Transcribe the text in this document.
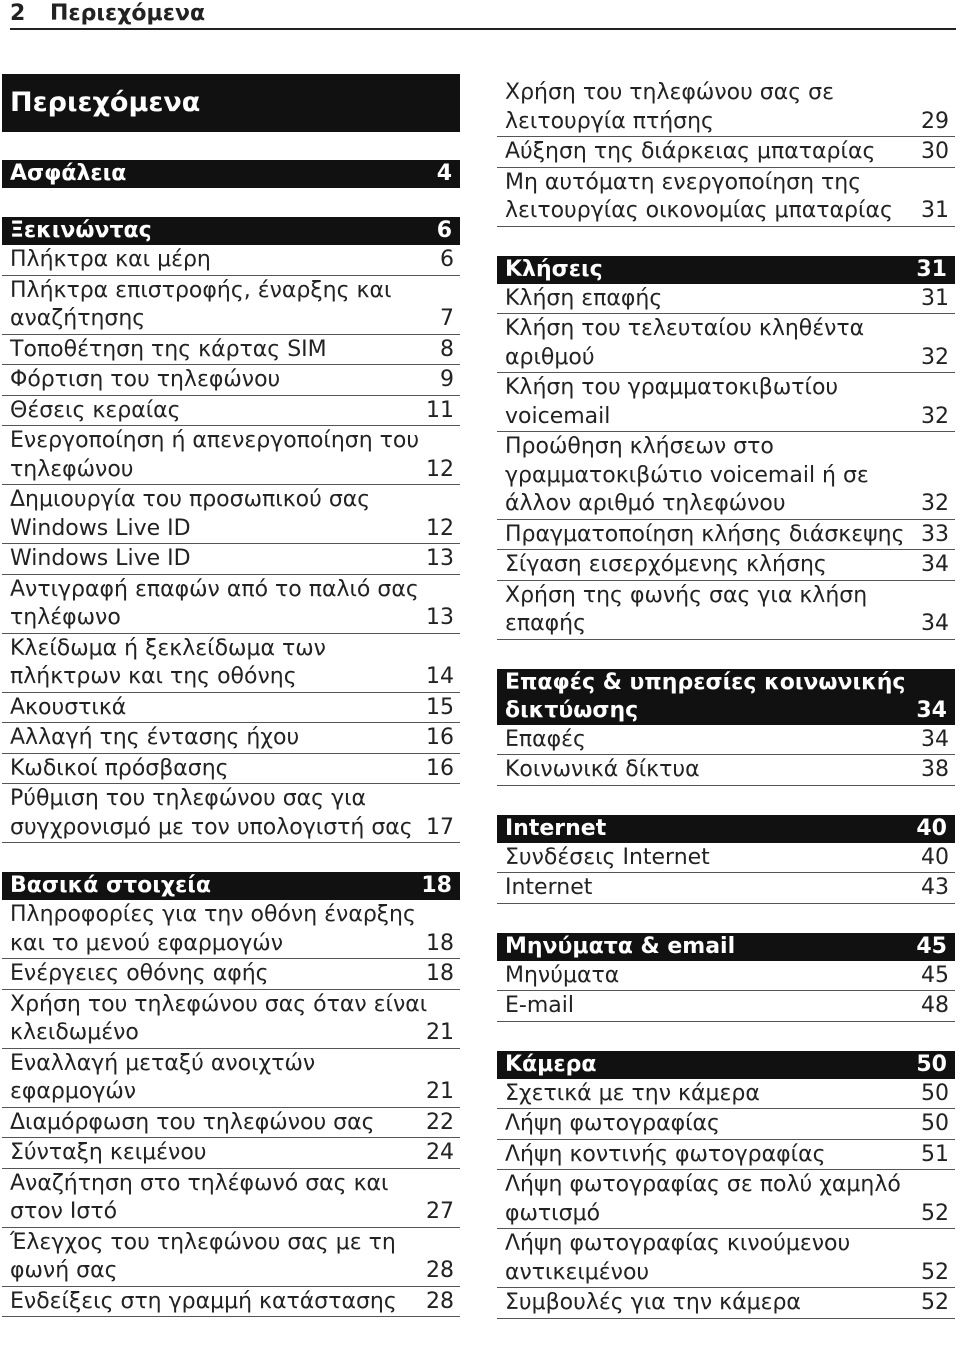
2 Περιεχόμενα
Περιεχόμενα
Ασφάλεια	4
Ξεκινώντας	6
Πλήκτρα και μέρη	6
Πλήκτρα επιστροφής, έναρξης και
αναζήτησης	7
Τοποθέτηση της κάρτας SIM	8
Φόρτιση του τηλεφώνου	9
Θέσεις κεραίας	11
Ενεργοποίηση ή απενεργοποίηση του
τηλεφώνου	12
Δημιουργία του προσωπικού σας
Windows Live ID	12
Windows Live ID	13
Αντιγραφή επαφών από το παλιό σας
τηλέφωνο	13
Κλείδωμα ή ξεκλείδωμα των
πλήκτρων και της οθόνης	14
Ακουστικά	15
Αλλαγή της έντασης ήχου	16
Κωδικοί πρόσβασης	16
Ρύθμιση του τηλεφώνου σας για
συγχρονισμό με τον υπολογιστή σας 17
Βασικά στοιχεία	18
Πληροφορίες για την οθόνη έναρξης
και το μενού εφαρμογών	18
Ενέργειες οθόνης αφής	18
Χρήση του τηλεφώνου σας όταν είναι
κλειδωμένο	21
Εναλλαγή μεταξύ ανοιχτών
εφαρμογών	21
Διαμόρφωση του τηλεφώνου σας 22
Σύνταξη κειμένου	24
Αναζήτηση στο τηλέφωνό σας και
στον Ιστό	27
Έλεγχος του τηλεφώνου σας με τη
φωνή σας	28
Ενδείξεις στη γραμμή κατάστασης 28
Χρήση του τηλεφώνου σας σε
λειτουργία πτήσης	29
Αύξηση της διάρκειας μπαταρίας 30
Μη αυτόματη ενεργοποίηση της
λειτουργίας οικονομίας μπαταρίας 31
Κλήσεις	31
Κλήση επαφής	31
Κλήση του τελευταίου κληθέντα
αριθμού	32
Κλήση του γραμματοκιβωτίου
voicemail	32
Προώθηση κλήσεων στο
γραμματοκιβώτιο voicemail ή σε
άλλον αριθμό τηλεφώνου	32
Πραγματοποίηση κλήσης διάσκεψης 33
Σίγαση εισερχόμενης κλήσης	34
Χρήση της φωνής σας για κλήση
επαφής	34
Επαφές & υπηρεσίες κοινωνικής
δικτύωσης	34
Επαφές	34
Κοινωνικά δίκτυα	38
Internet	40
Συνδέσεις Internet	40
Internet	43
Μηνύματα & email	45
Μηνύματα	45
E-mail	48
Κάμερα	50
Σχετικά με την κάμερα	50
Λήψη φωτογραφίας	50
Λήψη κοντινής φωτογραφίας	51
Λήψη φωτογραφίας σε πολύ χαμηλό
φωτισμό	52
Λήψη φωτογραφίας κινούμενου
αντικειμένου	52
Συμβουλές για την κάμερα	52
